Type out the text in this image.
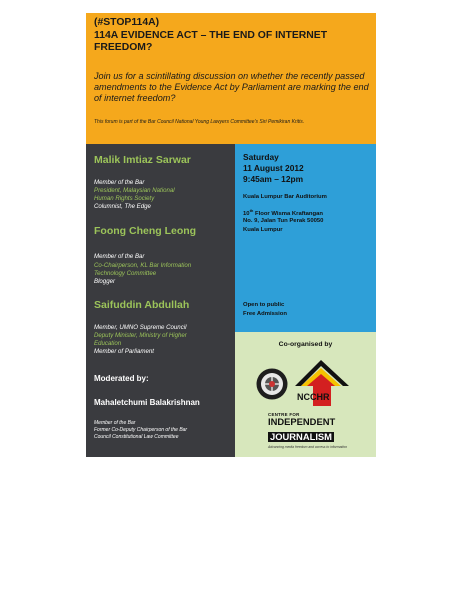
(#STOP114A)
114A EVIDENCE ACT – THE END OF INTERNET
FREEDOM?
Join us for a scintillating discussion on whether the recently passed amendments to the Evidence Act by Parliament are marking the end of internet freedom?
This forum is part of the Bar Council National Young Lawyers Committee's Siri Pemikiran Kritis.
Malik Imtiaz Sarwar
Member of the Bar
President, Malaysian National
Human Rights Society
Columnist, The Edge
Foong Cheng Leong
Member of the Bar
Co-Chairperson, KL Bar Information
Technology Committee
Blogger
Saifuddin Abdullah
Member, UMNO Supreme Council
Deputy Minister, Ministry of Higher
Education
Member of Parliament
Moderated by:
Mahaletchumi Balakrishnan
Member of the Bar
Former Co-Deputy Chairperson of the Bar
Council Constitutional Law Committee
Saturday
11 August 2012
9:45am – 12pm
Kuala Lumpur Bar Auditorium
10th Floor Wisma Kraftangan
No. 9, Jalan Tun Perak 50050
Kuala Lumpur
Open to public
Free Admission
Co-organised by
NCCHR
CENTRE FOR
INDEPENDENT
JOURNALISM
Advancing media freedom and access to information
